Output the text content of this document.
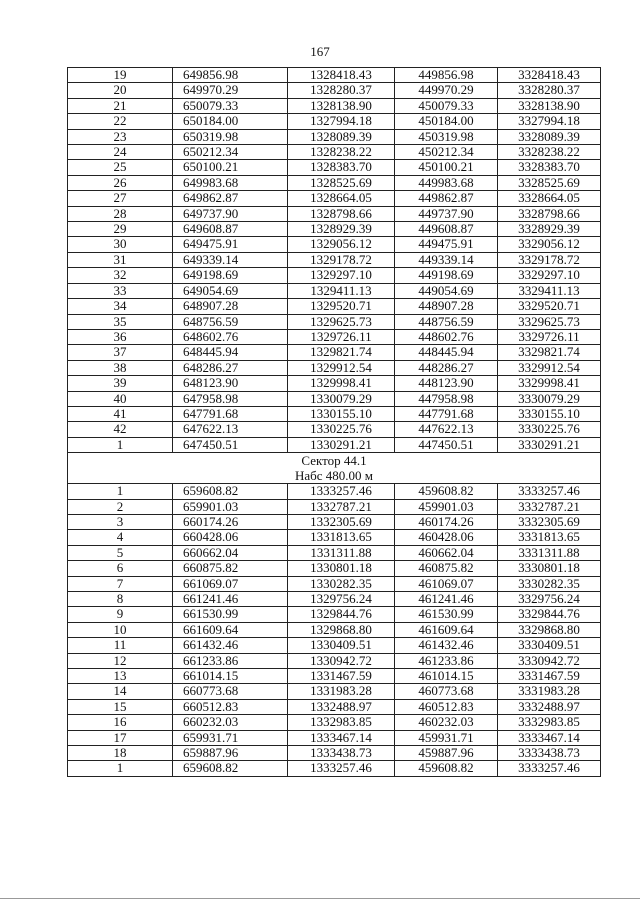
167
19	649856.98	1328418.43	449856.98	3328418.43
20	649970.29	1328280.37	449970.29	3328280.37
21	650079.33	1328138.90	450079.33	3328138.90
22	650184.00	1327994.18	450184.00	3327994.18
23	650319.98	1328089.39	450319.98	3328089.39
24	650212.34	1328238.22	450212.34	3328238.22
25	650100.21	1328383.70	450100.21	3328383.70
26	649983.68	1328525.69	449983.68	3328525.69
27	649862.87	1328664.05	449862.87	3328664.05
28	649737.90	1328798.66	449737.90	3328798.66
29	649608.87	1328929.39	449608.87	3328929.39
30	649475.91	1329056.12	449475.91	3329056.12
31	649339.14	1329178.72	449339.14	3329178.72
32	649198.69	1329297.10	449198.69	3329297.10
33	649054.69	1329411.13	449054.69	3329411.13
34	648907.28	1329520.71	448907.28	3329520.71
35	648756.59	1329625.73	448756.59	3329625.73
36	648602.76	1329726.11	448602.76	3329726.11
37	648445.94	1329821.74	448445.94	3329821.74
38	648286.27	1329912.54	448286.27	3329912.54
39	648123.90	1329998.41	448123.90	3329998.41
40	647958.98	1330079.29	447958.98	3330079.29
41	647791.68	1330155.10	447791.68	3330155.10
42	647622.13	1330225.76	447622.13	3330225.76
1	647450.51	1330291.21	447450.51	3330291.21

Сектор 44.1
Набс 480.00 м				

1	659608.82	1333257.46	459608.82	3333257.46
2	659901.03	1332787.21	459901.03	3332787.21
3	660174.26	1332305.69	460174.26	3332305.69
4	660428.06	1331813.65	460428.06	3331813.65
5	660662.04	1331311.88	460662.04	3331311.88
6	660875.82	1330801.18	460875.82	3330801.18
7	661069.07	1330282.35	461069.07	3330282.35
8	661241.46	1329756.24	461241.46	3329756.24
9	661530.99	1329844.76	461530.99	3329844.76
10	661609.64	1329868.80	461609.64	3329868.80
11	661432.46	1330409.51	461432.46	3330409.51
12	661233.86	1330942.72	461233.86	3330942.72
13	661014.15	1331467.59	461014.15	3331467.59
14	660773.68	1331983.28	460773.68	3331983.28
15	660512.83	1332488.97	460512.83	3332488.97
16	660232.03	1332983.85	460232.03	3332983.85
17	659931.71	1333467.14	459931.71	3333467.14
18	659887.96	1333438.73	459887.96	3333438.73
1	659608.82	1333257.46	459608.82	3333257.46
